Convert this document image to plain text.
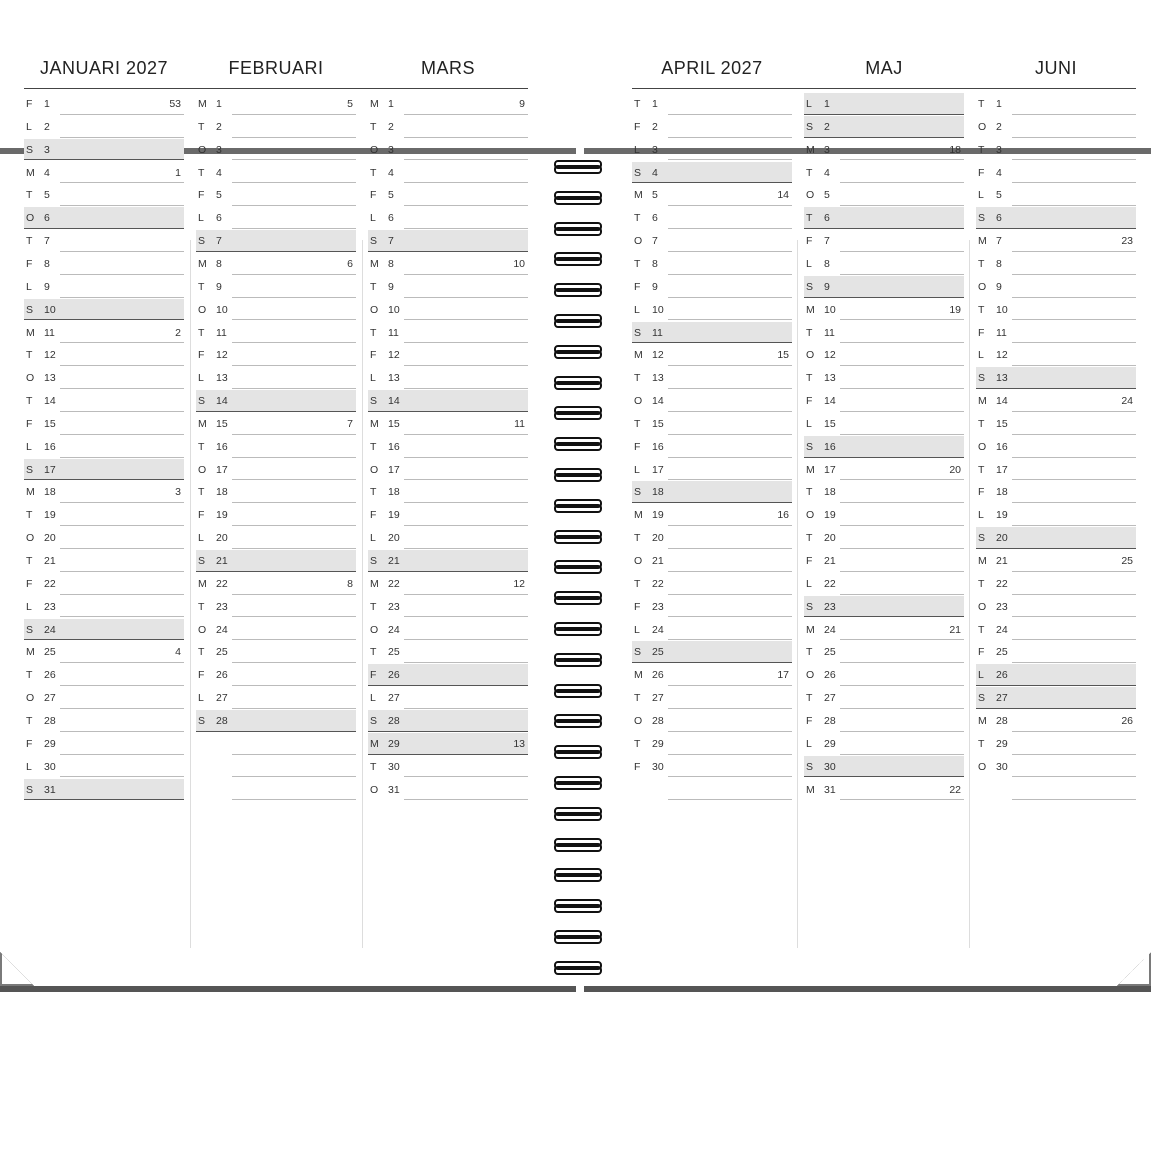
JANUARI 2027
F	1	53
L	2
S	3
M 4	1
T	5
O 6
T	7
F	8
L	9
S	10
M 11	2
T	12
O 13
T	14
F	15
L	16
S	17
M 18	3
T	19
O 20
T	21
F	22
L	23
S	24
M 25	4
T	26
O 27
T	28
F	29
L	30
S	31
FEBRUARI
M 1	5
T	2
O 3
T	4
F	5
L	6
S	7
M 8	6
T	9
O 10
T	11
F	12
L	13
S	14
M 15	7
T	16
O 17
T	18
F	19
L	20
S	21
M 22	8
T	23
O 24
T	25
F	26
L	27
S	28
MARS
M 1	9
T	2
O 3
T	4
F	5
L	6
S	7
M 8	10
T	9
O 10
T	11
F	12
L	13
S	14
M 15	11
T	16
O 17
T	18
F	19
L	20
S	21
M 22	12
T	23
O 24
T	25
F	26
L	27
S	28
M 29	13
T	30
O 31
APRIL 2027
T	1
F	2
L	3
S	4
M 5	14
T	6
O 7
T	8
F	9
L	10
S	11
M 12	15
T	13
O 14
T	15
F	16
L	17
S	18
M 19	16
T	20
O 21
T	22
F	23
L	24
S	25
M 26	17
T	27
O 28
T	29
F	30
MAJ
L	1
S	2
M 3	18
T	4
O 5
T	6
F	7
L	8
S	9
M 10	19
T	11
O 12
T	13
F	14
L	15
S	16
M 17	20
T	18
O 19
T	20
F	21
L	22
S	23
M 24	21
T	25
O 26
T	27
F	28
L	29
S	30
M 31	22
JUNI
T	1
O 2
T	3
F	4
L	5
S	6
M 7	23
T	8
O 9
T	10
F	11
L	12
S	13
M 14	24
T	15
O 16
T	17
F	18
L	19
S	20
M 21	25
T	22
O 23
T	24
F	25
L	26
S	27
M 28	26
T	29
O 30
